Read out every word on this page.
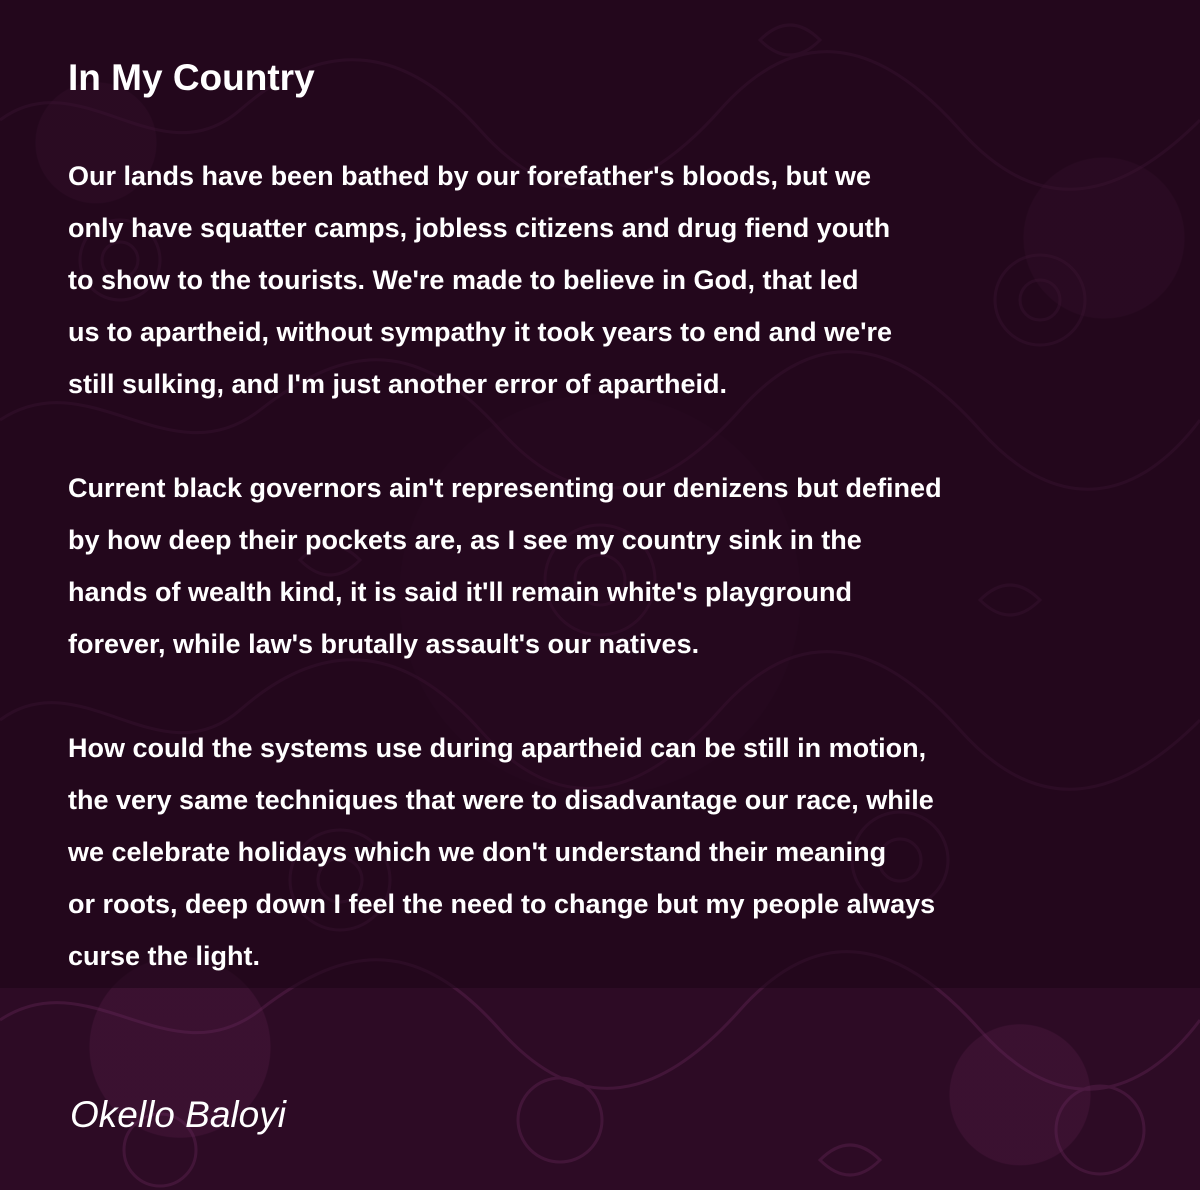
In My Country

Our lands have been bathed by our forefather's bloods, but we
only have squatter camps, jobless citizens and drug fiend youth
to show to the tourists. We're made to believe in God, that led
us to apartheid, without sympathy it took years to end and we're
still sulking, and I'm just another error of apartheid.

Current black governors ain't representing our denizens but defined
by how deep their pockets are, as I see my country sink in the
hands of wealth kind, it is said it'll remain white's playground
forever, while law's brutally assault's our natives.

How could the systems use during apartheid can be still in motion,
the very same techniques that were to disadvantage our race, while
we celebrate holidays which we don't understand their meaning
or roots, deep down I feel the need to change but my people always
curse the light.

Okello Baloyi
